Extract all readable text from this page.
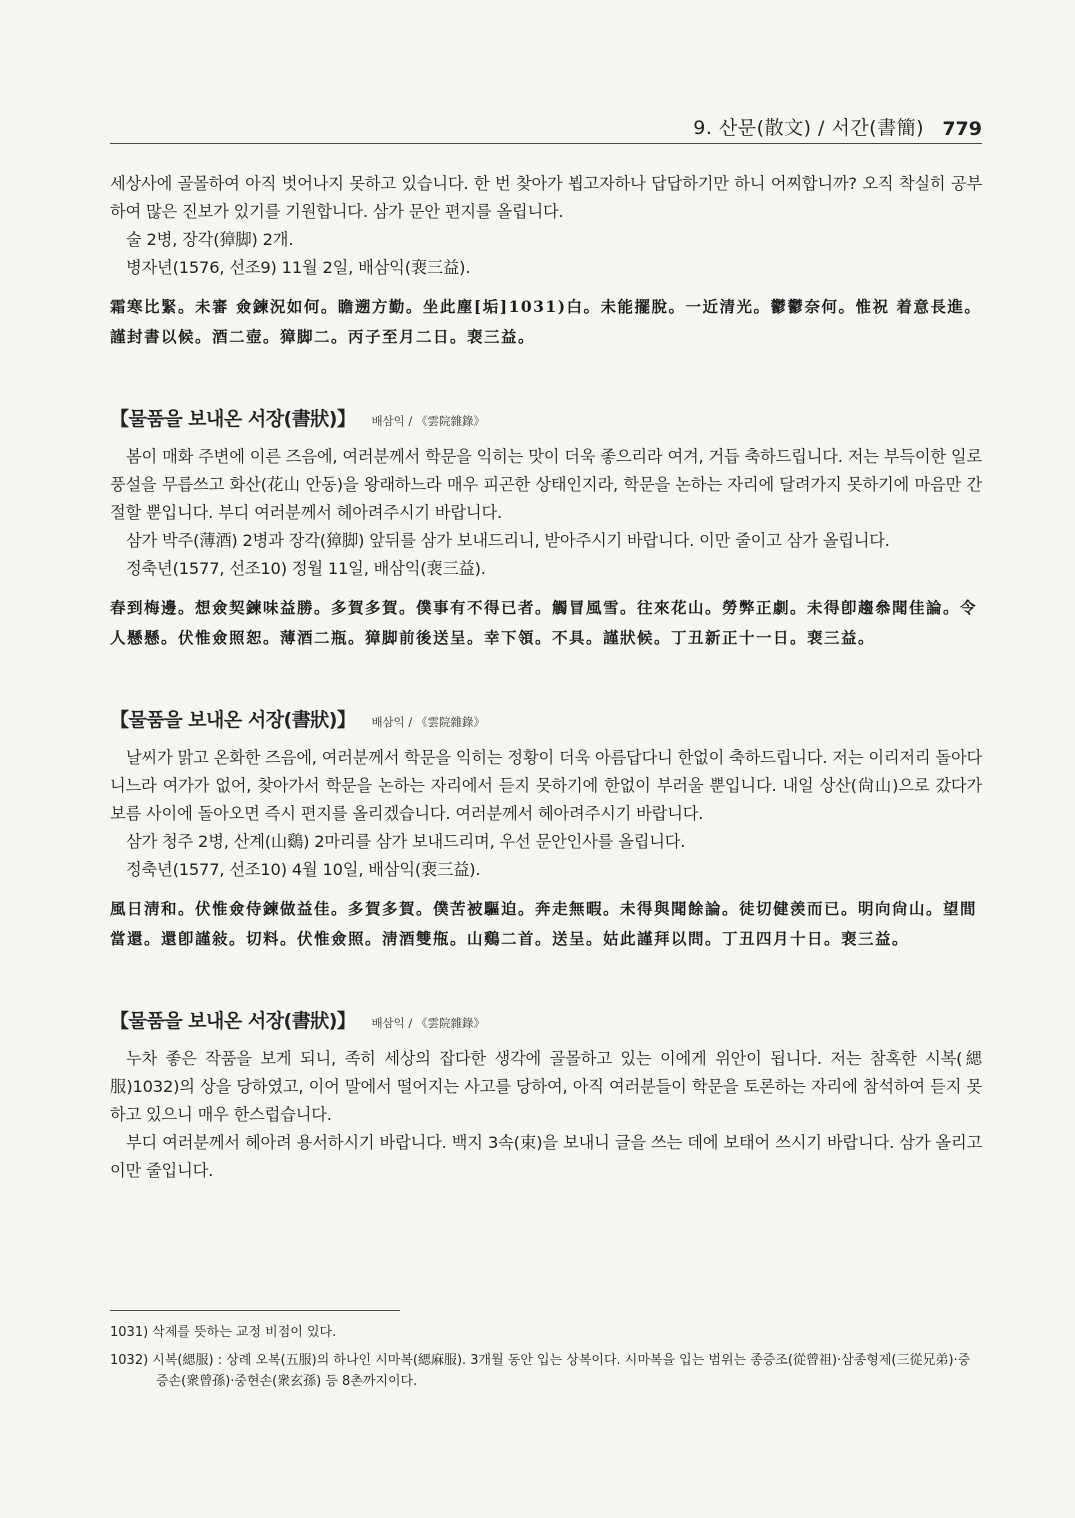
9. 산문(散文) / 서간(書簡) 779

세상사에 골몰하여 아직 벗어나지 못하고 있습니다. 한 번 찾아가 뵙고자하나 답답하기만 하니 어찌합니까? 오직 착실히 공부하여 많은 진보가 있기를 기원합니다. 삼가 문안 편지를 올립니다.

술 2병, 장각(獐脚) 2개.

병자년(1576, 선조9) 11월 2일, 배삼익(裵三益).

霜寒比緊。未審 僉鍊況如何。瞻遡方勤。坐此塵[垢]1031)白。未能擺脫。一近清光。鬱鬱奈何。惟祝 着意長進。謹封書以候。酒二壺。獐脚二。丙子至月二日。裵三益。

【물품을 보내온 서장(書狀)】 배삼익 / 《雲院雜錄》

봄이 매화 주변에 이른 즈음에, 여러분께서 학문을 익히는 맛이 더욱 좋으리라 여겨, 거듭 축하드립니다. 저는 부득이한 일로 풍설을 무릅쓰고 화산(花山 안동)을 왕래하느라 매우 피곤한 상태인지라, 학문을 논하는 자리에 달려가지 못하기에 마음만 간절할 뿐입니다. 부디 여러분께서 헤아려주시기 바랍니다.

삼가 박주(薄酒) 2병과 장각(獐脚) 앞뒤를 삼가 보내드리니, 받아주시기 바랍니다. 이만 줄이고 삼가 올립니다.

정축년(1577, 선조10) 정월 11일, 배삼익(裵三益).

春到梅邊。想僉契鍊味益勝。多賀多賀。僕事有不得已者。觸冒風雪。往來花山。勞弊正劇。未得卽趨叅聞佳論。令人懸懸。伏惟僉照恕。薄酒二瓶。獐脚前後送呈。幸下領。不具。謹狀候。丁丑新正十一日。裵三益。

【물품을 보내온 서장(書狀)】 배삼익 / 《雲院雜錄》

날씨가 맑고 온화한 즈음에, 여러분께서 학문을 익히는 정황이 더욱 아름답다니 한없이 축하드립니다. 저는 이리저리 돌아다니느라 여가가 없어, 찾아가서 학문을 논하는 자리에서 듣지 못하기에 한없이 부러울 뿐입니다. 내일 상산(尙山)으로 갔다가 보름 사이에 돌아오면 즉시 편지를 올리겠습니다. 여러분께서 헤아려주시기 바랍니다.

삼가 청주 2병, 산계(山鷄) 2마리를 삼가 보내드리며, 우선 문안인사를 올립니다.

정축년(1577, 선조10) 4월 10일, 배삼익(裵三益).

風日淸和。伏惟僉侍鍊做益佳。多賀多賀。僕苦被驅迫。奔走無暇。未得與聞餘論。徒切健羡而已。明向尙山。望間當還。還卽謹敍。切料。伏惟僉照。淸酒雙甁。山鷄二首。送呈。姑此謹拜以問。丁丑四月十日。裵三益。

【물품을 보내온 서장(書狀)】 배삼익 / 《雲院雜錄》

누차 좋은 작품을 보게 되니, 족히 세상의 잡다한 생각에 골몰하고 있는 이에게 위안이 됩니다. 저는 참혹한 시복(緦服)1032)의 상을 당하였고, 이어 말에서 떨어지는 사고를 당하여, 아직 여러분들이 학문을 토론하는 자리에 참석하여 듣지 못하고 있으니 매우 한스럽습니다.

부디 여러분께서 헤아려 용서하시기 바랍니다. 백지 3속(束)을 보내니 글을 쓰는 데에 보태어 쓰시기 바랍니다. 삼가 올리고 이만 줄입니다.

1031) 삭제를 뜻하는 교정 비점이 있다.

1032) 시복(緦服) : 상례 오복(五服)의 하나인 시마복(緦麻服). 3개월 동안 입는 상복이다. 시마복을 입는 범위는 종증조(從曾祖)·삼종형제(三從兄弟)·중증손(衆曾孫)·중현손(衆玄孫) 등 8촌까지이다.
